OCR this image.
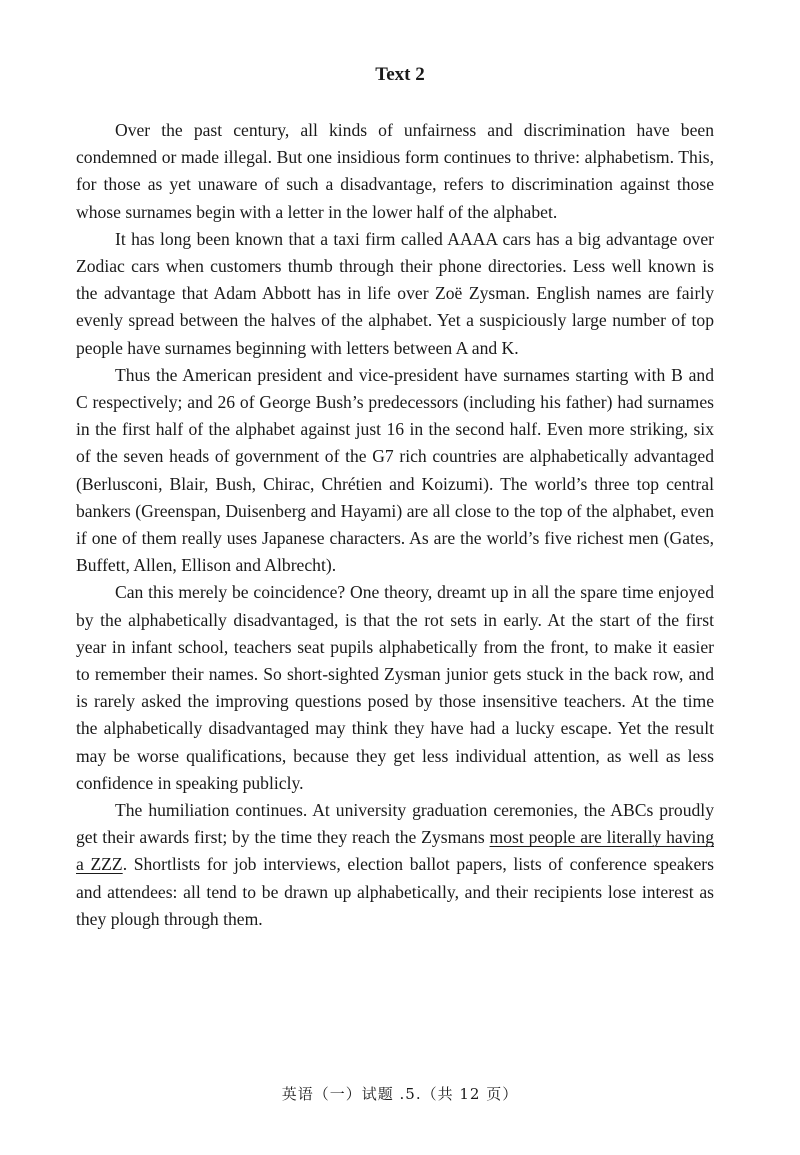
Text 2

Over the past century, all kinds of unfairness and discrimination have been condemned or made illegal. But one insidious form continues to thrive: alphabetism. This, for those as yet unaware of such a disadvantage, refers to discrimination against those whose surnames begin with a letter in the lower half of the alphabet.

It has long been known that a taxi firm called AAAA cars has a big advantage over Zodiac cars when customers thumb through their phone directories. Less well known is the advantage that Adam Abbott has in life over Zoë Zysman. English names are fairly evenly spread between the halves of the alphabet. Yet a suspiciously large number of top people have surnames beginning with letters between A and K.

Thus the American president and vice-president have surnames starting with B and C respectively; and 26 of George Bush’s predecessors (including his father) had surnames in the first half of the alphabet against just 16 in the second half. Even more striking, six of the seven heads of government of the G7 rich countries are alphabetically advantaged (Berlusconi, Blair, Bush, Chirac, Chrétien and Koizumi). The world’s three top central bankers (Greenspan, Duisenberg and Hayami) are all close to the top of the alphabet, even if one of them really uses Japanese characters. As are the world’s five richest men (Gates, Buffett, Allen, Ellison and Albrecht).

Can this merely be coincidence? One theory, dreamt up in all the spare time enjoyed by the alphabetically disadvantaged, is that the rot sets in early. At the start of the first year in infant school, teachers seat pupils alphabetically from the front, to make it easier to remember their names. So short-sighted Zysman junior gets stuck in the back row, and is rarely asked the improving questions posed by those insensitive teachers. At the time the alphabetically disadvantaged may think they have had a lucky escape. Yet the result may be worse qualifications, because they get less individual attention, as well as less confidence in speaking publicly.

The humiliation continues. At university graduation ceremonies, the ABCs proudly get their awards first; by the time they reach the Zysmans most people are literally having a ZZZ. Shortlists for job interviews, election ballot papers, lists of conference speakers and attendees: all tend to be drawn up alphabetically, and their recipients lose interest as they plough through them.

英语（一）试题 .5.（共 12 页）
